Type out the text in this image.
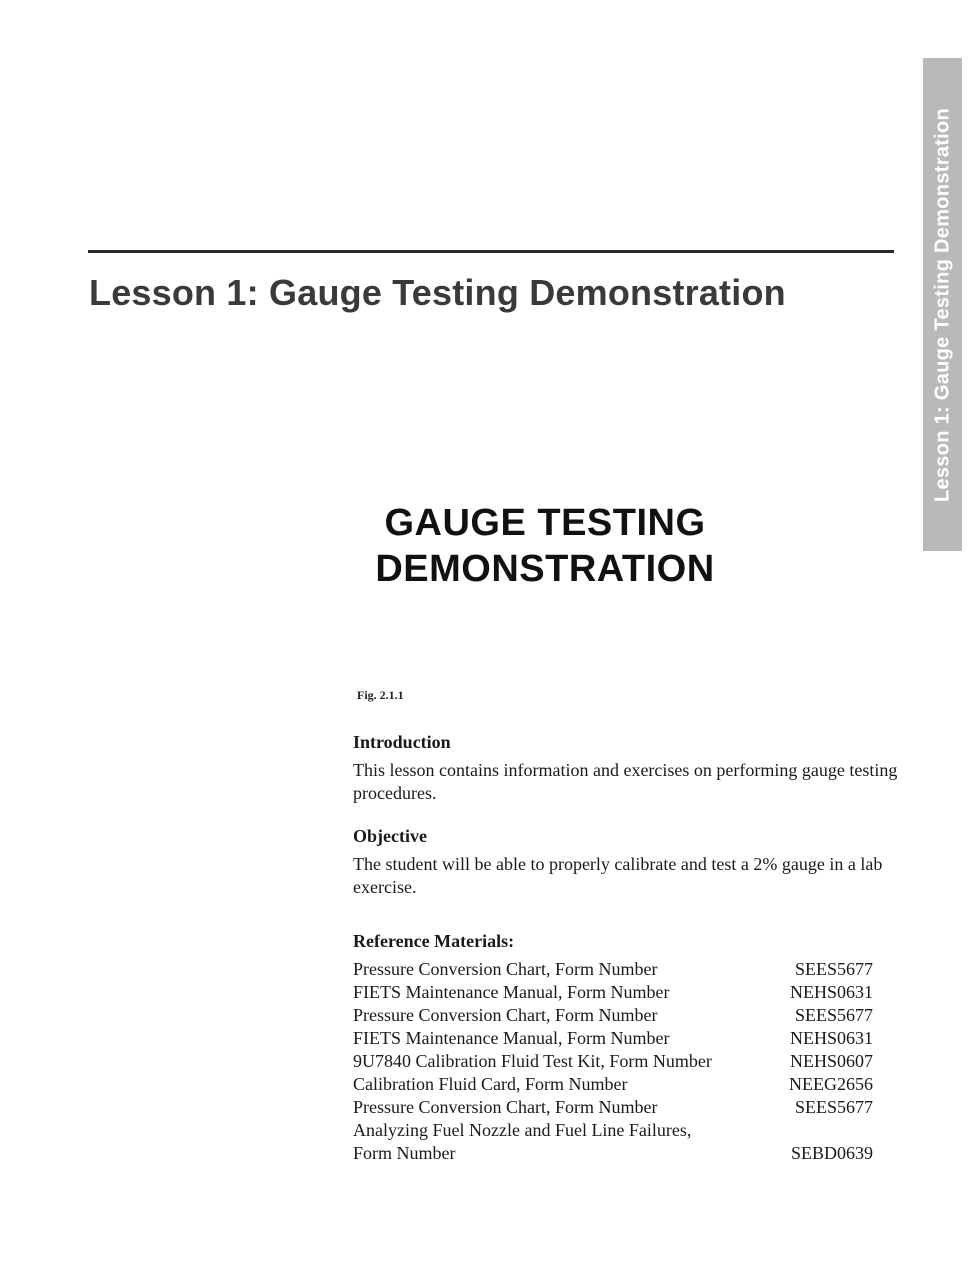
Lesson 1: Gauge Testing Demonstration
Lesson 1: Gauge Testing Demonstration
GAUGE TESTING
DEMONSTRATION
Fig. 2.1.1

Introduction

This lesson contains information and exercises on performing gauge testing procedures.

Objective

The student will be able to properly calibrate and test a 2% gauge in a lab exercise.

Reference Materials:

Pressure Conversion Chart, Form Number	SEES5677
FIETS Maintenance Manual, Form Number	NEHS0631
Pressure Conversion Chart, Form Number	SEES5677
FIETS Maintenance Manual, Form Number	NEHS0631
9U7840 Calibration Fluid Test Kit, Form Number	NEHS0607
Calibration Fluid Card, Form Number	NEEG2656
Pressure Conversion Chart, Form Number	SEES5677
Analyzing Fuel Nozzle and Fuel Line Failures,
Form Number	SEBD0639
